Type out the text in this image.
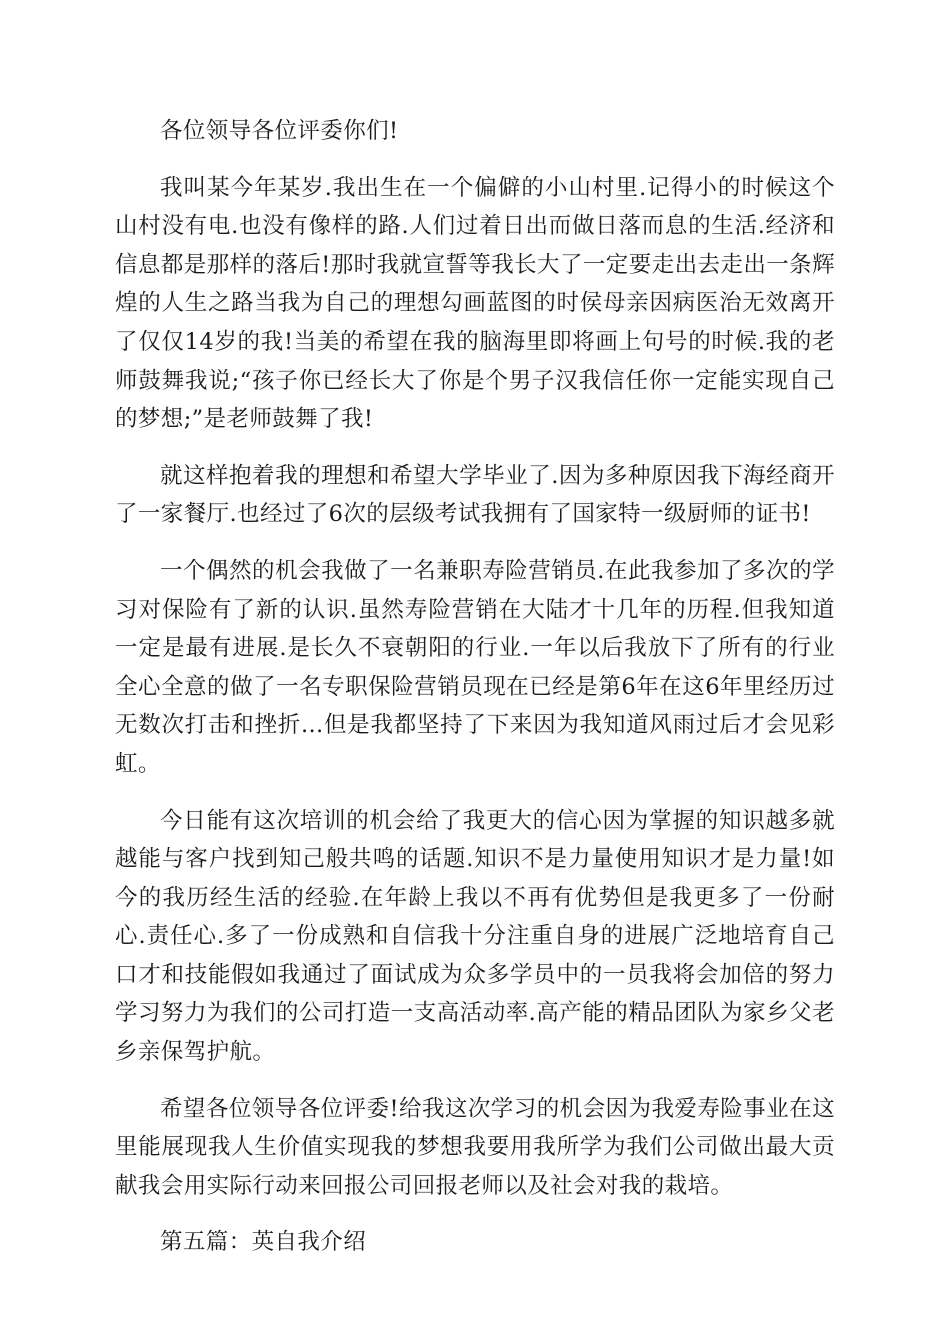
各位领导各位评委你们!

我叫某今年某岁.我出生在一个偏僻的小山村里.记得小的时候这个山村没有电.也没有像样的路.人们过着日出而做日落而息的生活.经济和信息都是那样的落后!那时我就宣誓等我长大了一定要走出去走出一条辉煌的人生之路当我为自己的理想勾画蓝图的时侯母亲因病医治无效离开了仅仅14岁的我!当美的希望在我的脑海里即将画上句号的时候.我的老师鼓舞我说;“孩子你已经长大了你是个男子汉我信任你一定能实现自己的梦想;”是老师鼓舞了我!

就这样抱着我的理想和希望大学毕业了.因为多种原因我下海经商开了一家餐厅.也经过了6次的层级考试我拥有了国家特一级厨师的证书!

一个偶然的机会我做了一名兼职寿险营销员.在此我参加了多次的学习对保险有了新的认识.虽然寿险营销在大陆才十几年的历程.但我知道一定是最有进展.是长久不衰朝阳的行业.一年以后我放下了所有的行业全心全意的做了一名专职保险营销员现在已经是第6年在这6年里经历过无数次打击和挫折...但是我都坚持了下来因为我知道风雨过后才会见彩虹。

今日能有这次培训的机会给了我更大的信心因为掌握的知识越多就越能与客户找到知己般共鸣的话题.知识不是力量使用知识才是力量!如今的我历经生活的经验.在年龄上我以不再有优势但是我更多了一份耐心.责任心.多了一份成熟和自信我十分注重自身的进展广泛地培育自己口才和技能假如我通过了面试成为众多学员中的一员我将会加倍的努力学习努力为我们的公司打造一支高活动率.高产能的精品团队为家乡父老乡亲保驾护航。

希望各位领导各位评委!给我这次学习的机会因为我爱寿险事业在这里能展现我人生价值实现我的梦想我要用我所学为我们公司做出最大贡献我会用实际行动来回报公司回报老师以及社会对我的栽培。

第五篇：英自我介绍
